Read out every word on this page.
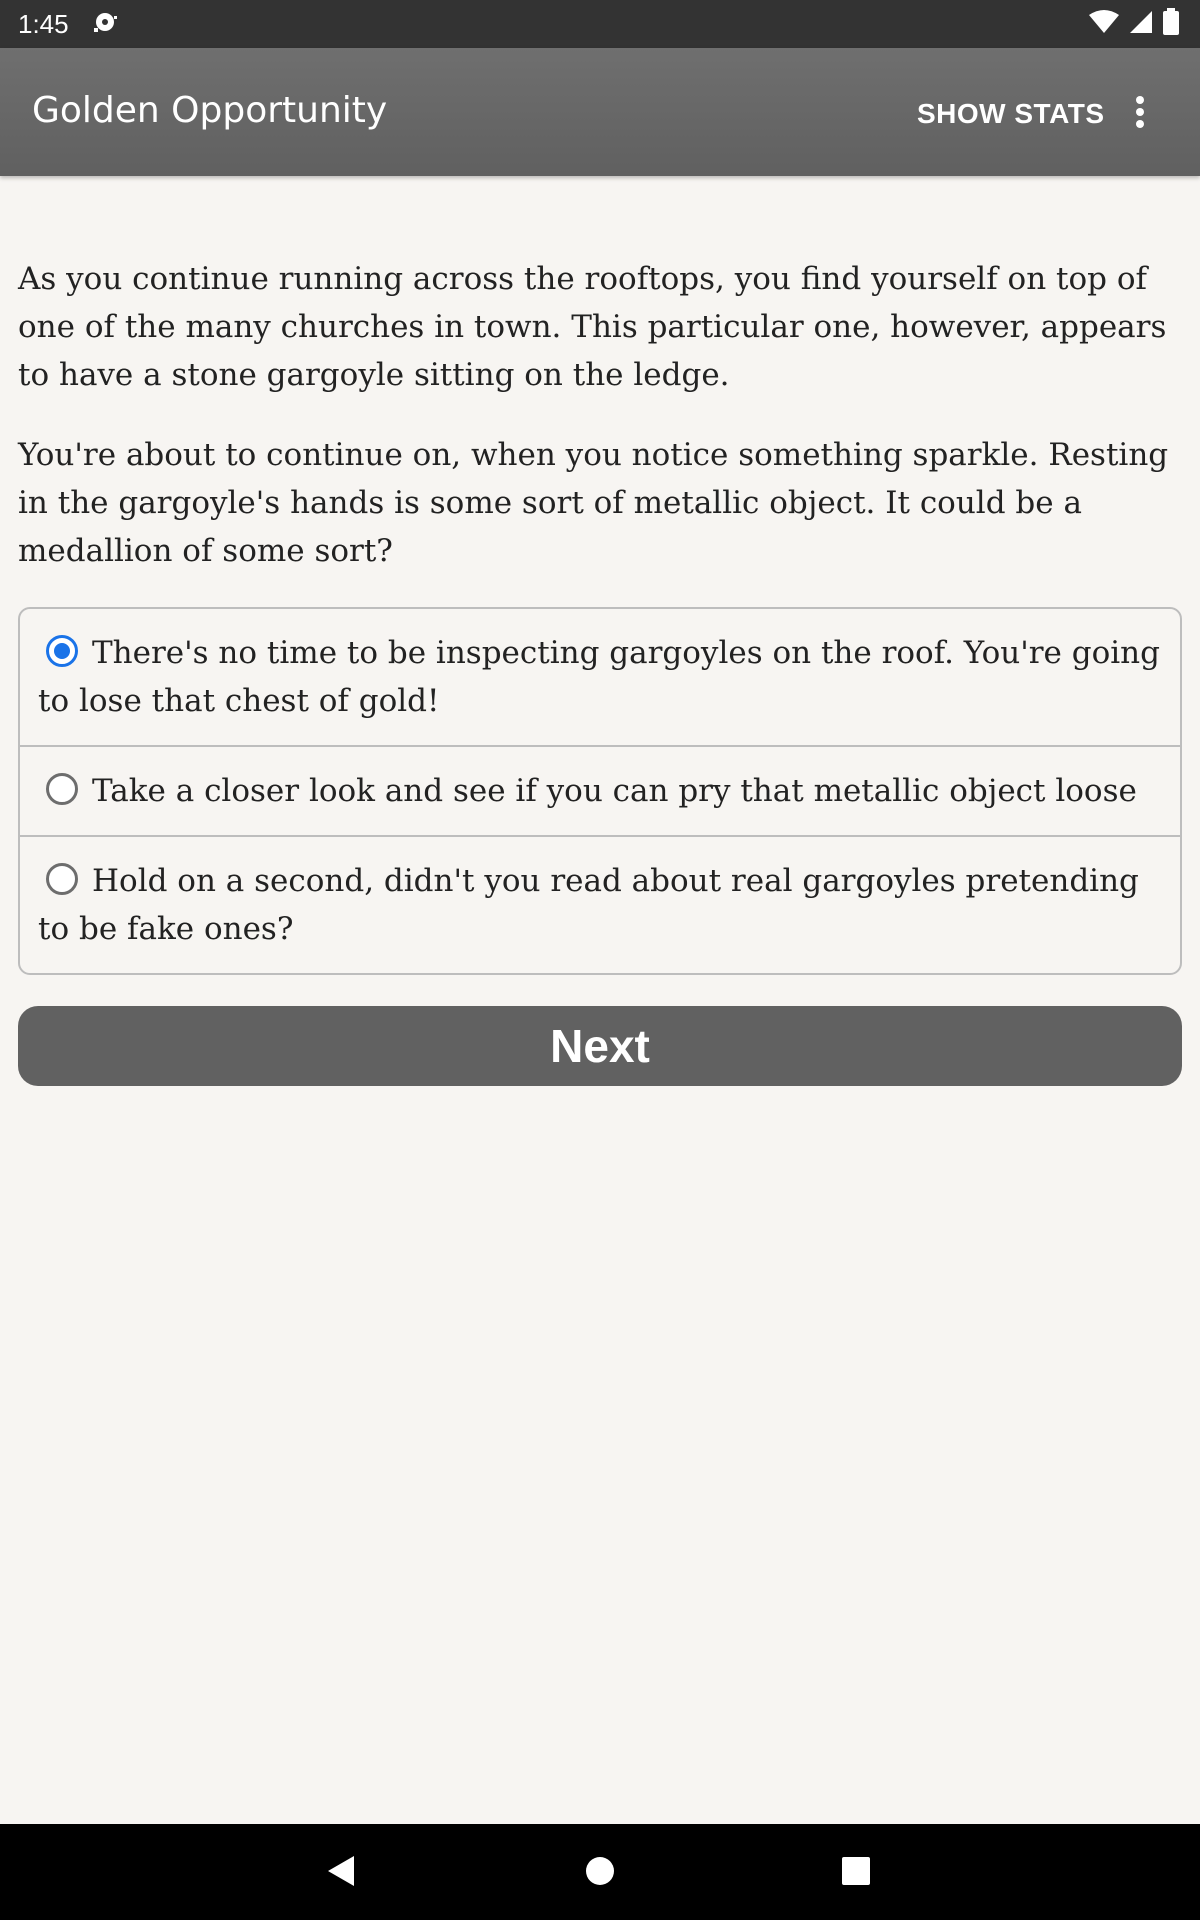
1:45
Golden Opportunity	SHOW STATS

As you continue running across the rooftops, you find yourself on top of one of the many churches in town. This particular one, however, appears to have a stone gargoyle sitting on the ledge.

You're about to continue on, when you notice something sparkle. Resting in the gargoyle's hands is some sort of metallic object. It could be a medallion of some sort?

There's no time to be inspecting gargoyles on the roof. You're going to lose that chest of gold!
Take a closer look and see if you can pry that metallic object loose
Hold on a second, didn't you read about real gargoyles pretending to be fake ones?
Next
